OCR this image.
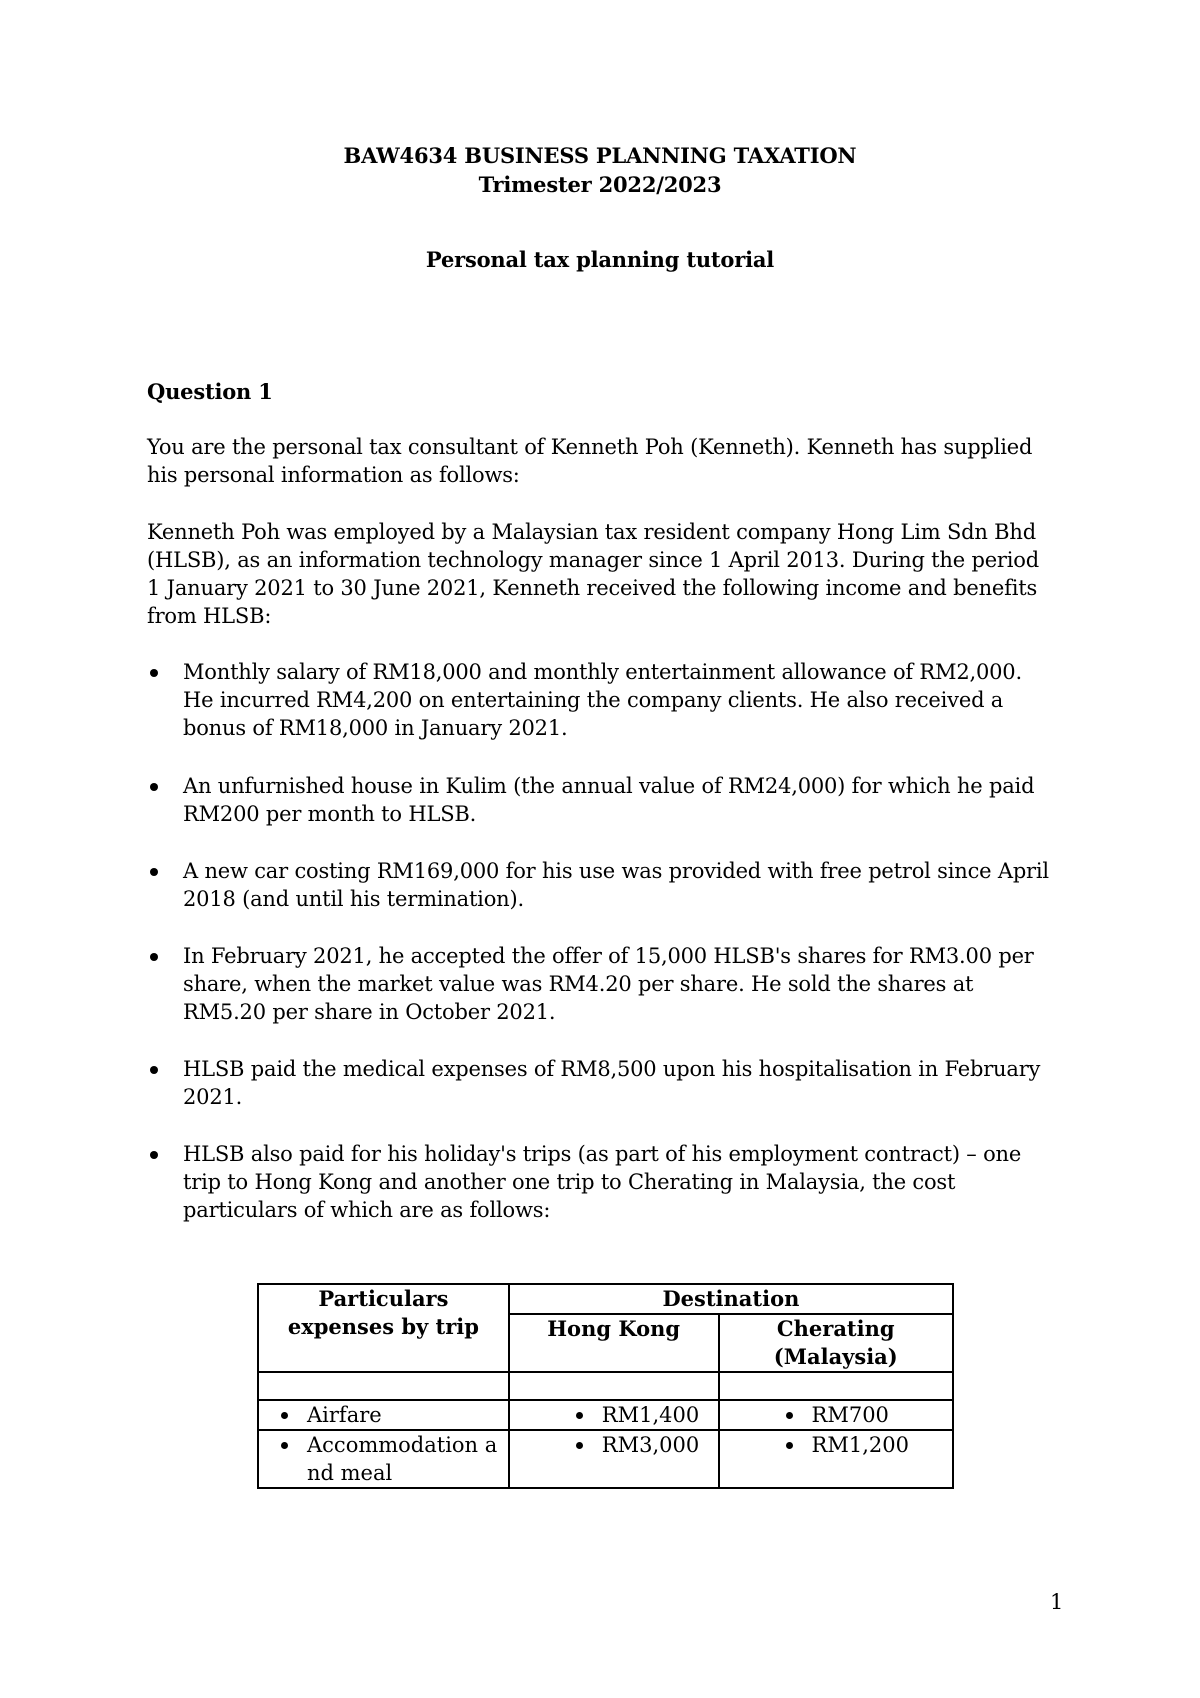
BAW4634 BUSINESS PLANNING TAXATION
Trimester 2022/2023
Personal tax planning tutorial
Question 1
You are the personal tax consultant of Kenneth Poh (Kenneth). Kenneth has supplied his personal information as follows:
Kenneth Poh was employed by a Malaysian tax resident company Hong Lim Sdn Bhd (HLSB), as an information technology manager since 1 April 2013. During the period 1 January 2021 to 30 June 2021, Kenneth received the following income and benefits from HLSB:
Monthly salary of RM18,000 and monthly entertainment allowance of RM2,000. He incurred RM4,200 on entertaining the company clients. He also received a bonus of RM18,000 in January 2021.
An unfurnished house in Kulim (the annual value of RM24,000) for which he paid RM200 per month to HLSB.
A new car costing RM169,000 for his use was provided with free petrol since April 2018 (and until his termination).
In February 2021, he accepted the offer of 15,000 HLSB's shares for RM3.00 per share, when the market value was RM4.20 per share. He sold the shares at RM5.20 per share in October 2021.
HLSB paid the medical expenses of RM8,500 upon his hospitalisation in February 2021.
HLSB also paid for his holiday's trips (as part of his employment contract) – one trip to Hong Kong and another one trip to Cherating in Malaysia, the cost particulars of which are as follows:
Particulars expenses by trip	Destination	
	Hong Kong	Cherating (Malaysia)

Airfare	RM1,400	RM700

Accommodation and meal	RM3,000	RM1,200
1
